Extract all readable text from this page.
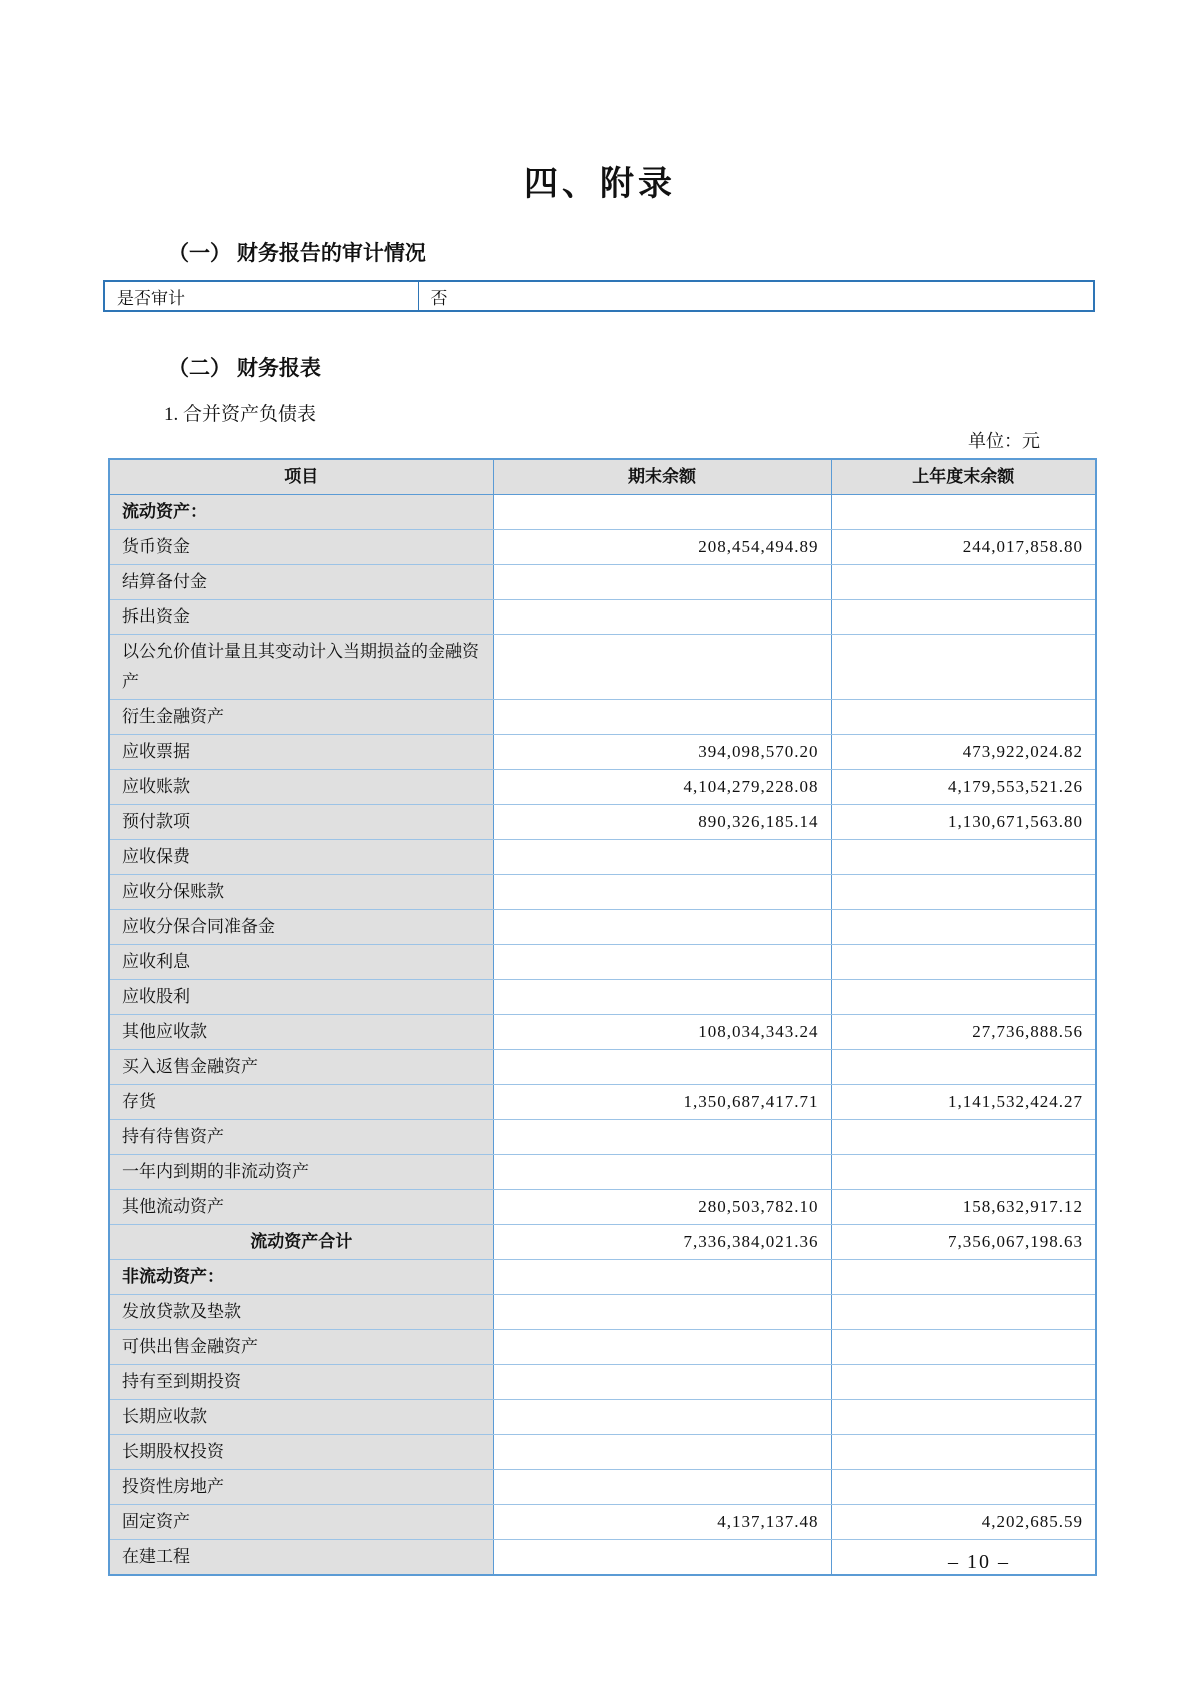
四、附录
（一） 财务报告的审计情况
是否审计	否
（二） 财务报表
1. 合并资产负债表
单位：元
项目	期末余额	上年度末余额
流动资产：		
货币资金	208,454,494.89	244,017,858.80
结算备付金		
拆出资金		
以公允价值计量且其变动计入当期损益的金融资产		
衍生金融资产		
应收票据	394,098,570.20	473,922,024.82
应收账款	4,104,279,228.08	4,179,553,521.26
预付款项	890,326,185.14	1,130,671,563.80
应收保费		
应收分保账款		
应收分保合同准备金		
应收利息		
应收股利		
其他应收款	108,034,343.24	27,736,888.56
买入返售金融资产		
存货	1,350,687,417.71	1,141,532,424.27
持有待售资产		
一年内到期的非流动资产		
其他流动资产	280,503,782.10	158,632,917.12
流动资产合计	7,336,384,021.36	7,356,067,198.63
非流动资产：		
发放贷款及垫款		
可供出售金融资产		
持有至到期投资		
长期应收款		
长期股权投资		
投资性房地产		
固定资产	4,137,137.48	4,202,685.59
在建工程			– 10 –
